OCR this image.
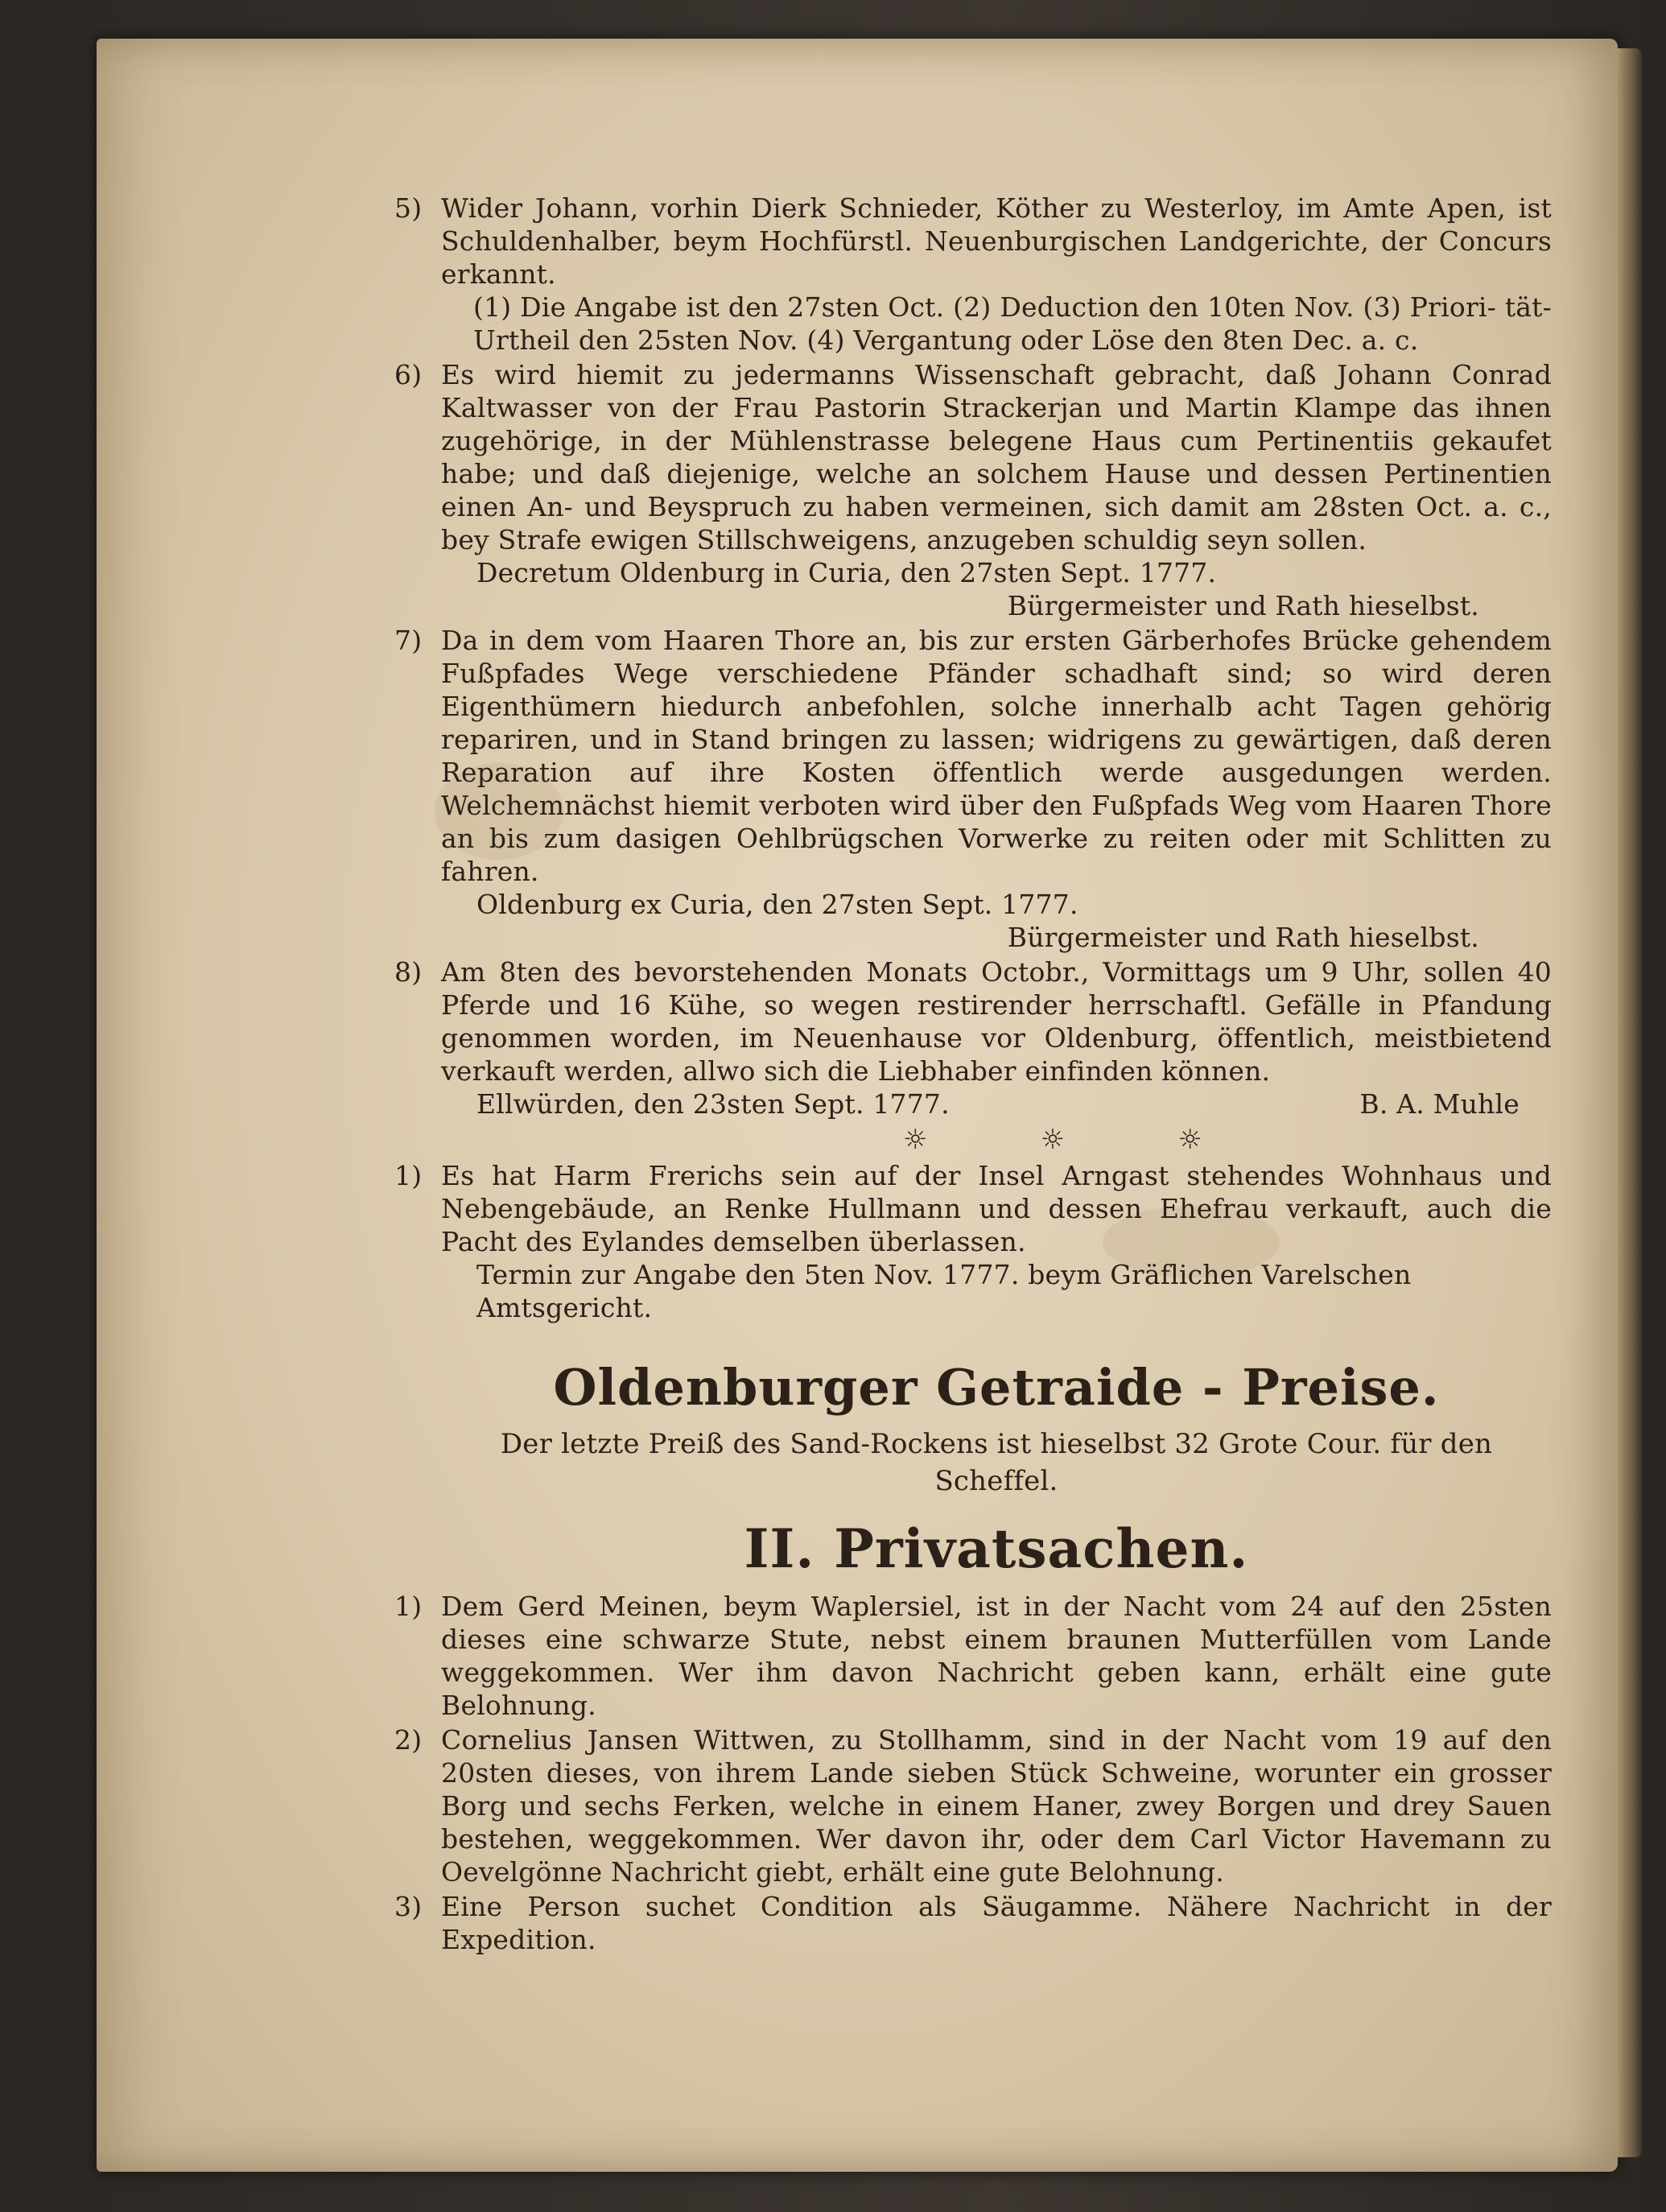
5) Wider Johann, vorhin Dierk Schnieder, Köther zu Westerloy, im Amte Apen, ist Schuldenhalber, beym Hochfürstl. Neuenburgischen Landgerichte, der Concurs erkannt.
(1) Die Angabe ist den 27sten Oct. (2) Deduction den 10ten Nov. (3) Priori- tät-Urtheil den 25sten Nov. (4) Vergantung oder Löse den 8ten Dec. a. c.
6) Es wird hiemit zu jedermanns Wissenschaft gebracht, daß Johann Conrad Kaltwasser von der Frau Pastorin Strackerjan und Martin Klampe das ihnen zugehörige, in der Mühlenstrasse belegene Haus cum Pertinentiis gekaufet habe; und daß diejenige, welche an solchem Hause und dessen Pertinentien einen An- und Beyspruch zu haben vermeinen, sich damit am 28sten Oct. a. c., bey Strafe ewigen Stillschweigens, anzugeben schuldig seyn sollen.
Decretum Oldenburg in Curia, den 27sten Sept. 1777.
Bürgermeister und Rath hieselbst.
7) Da in dem vom Haaren Thore an, bis zur ersten Gärberhofes Brücke gehendem Fußpfades Wege verschiedene Pfänder schadhaft sind; so wird deren Eigenthümern hiedurch anbefohlen, solche innerhalb acht Tagen gehörig repariren, und in Stand bringen zu lassen; widrigens zu gewärtigen, daß deren Reparation auf ihre Kosten öffentlich werde ausgedungen werden. Welchemnächst hiemit verboten wird über den Fußpfads Weg vom Haaren Thore an bis zum dasigen Oehlbrügschen Vorwerke zu reiten oder mit Schlitten zu fahren.
Oldenburg ex Curia, den 27sten Sept. 1777.
Bürgermeister und Rath hieselbst.
8) Am 8ten des bevorstehenden Monats Octobr., Vormittags um 9 Uhr, sollen 40 Pferde und 16 Kühe, so wegen restirender herrschaftl. Gefälle in Pfandung genommen worden, im Neuenhause vor Oldenburg, öffentlich, meistbietend verkauft werden, allwo sich die Liebhaber einfinden können.
Ellwürden, den 23sten Sept. 1777.	B. A. Muhle
☼	☼	☼
1) Es hat Harm Frerichs sein auf der Insel Arngast stehendes Wohnhaus und Nebengebäude, an Renke Hullmann und dessen Ehefrau verkauft, auch die Pacht des Eylandes demselben überlassen.
Termin zur Angabe den 5ten Nov. 1777. beym Gräflichen Varelschen Amtsgericht.
Oldenburger Getraide - Preise.
Der letzte Preiß des Sand-Rockens ist hieselbst 32 Grote Cour. für den Scheffel.
II. Privatsachen.
1) Dem Gerd Meinen, beym Waplersiel, ist in der Nacht vom 24 auf den 25sten dieses eine schwarze Stute, nebst einem braunen Mutterfüllen vom Lande weggekommen. Wer ihm davon Nachricht geben kann, erhält eine gute Belohnung.
2) Cornelius Jansen Wittwen, zu Stollhamm, sind in der Nacht vom 19 auf den 20sten dieses, von ihrem Lande sieben Stück Schweine, worunter ein grosser Borg und sechs Ferken, welche in einem Haner, zwey Borgen und drey Sauen bestehen, weggekommen. Wer davon ihr, oder dem Carl Victor Havemann zu Oevelgönne Nachricht giebt, erhält eine gute Belohnung.
3) Eine Person suchet Condition als Säugamme. Nähere Nachricht in der Expedition.
